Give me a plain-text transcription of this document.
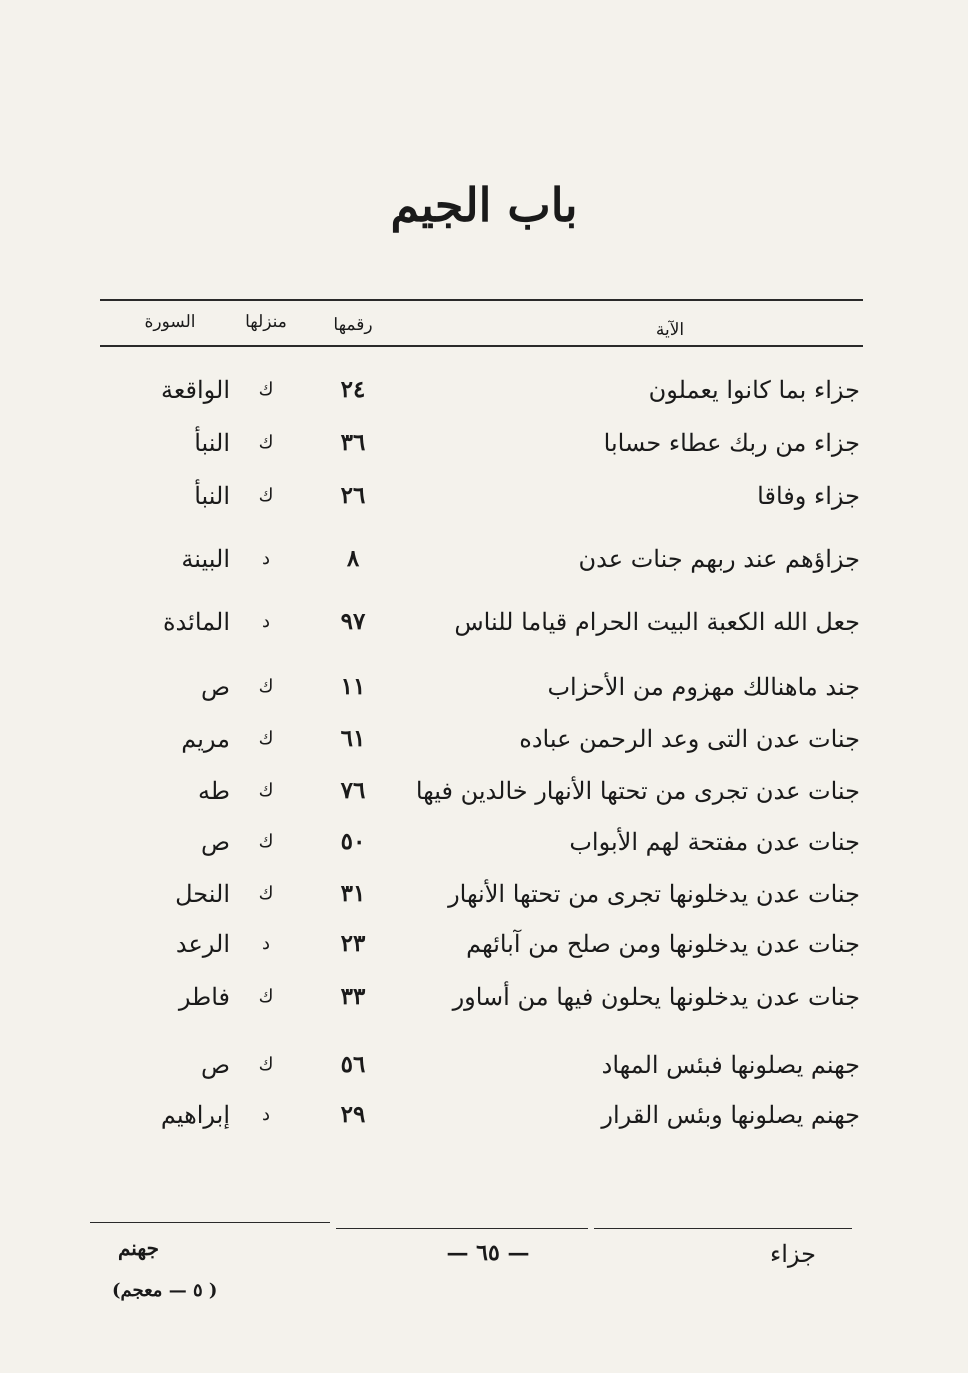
باب الجيم
الآية
رقمها
منزلها
السورة
جزاء بما كانوا يعملون
٢٤
ك
الواقعة
جزاء من ربك عطاء حسابا
٣٦
ك
النبأ
جزاء وفاقا
٢٦
ك
النبأ
جزاؤهم عند ربهم جنات عدن
٨
د
البينة
جعل الله الكعبة البيت الحرام قياما للناس
٩٧
د
المائدة
جند ماهنالك مهزوم من الأحزاب
١١
ك
ص
جنات عدن التى وعد الرحمن عباده
٦١
ك
مريم
جنات عدن تجرى من تحتها الأنهار خالدين فيها
٧٦
ك
طه
جنات عدن مفتحة لهم الأبواب
٥٠
ك
ص
جنات عدن يدخلونها تجرى من تحتها الأنهار
٣١
ك
النحل
جنات عدن يدخلونها ومن صلح من آبائهم
٢٣
د
الرعد
جنات عدن يدخلونها يحلون فيها من أساور
٣٣
ك
فاطر
جهنم يصلونها فبئس المهاد
٥٦
ك
ص
جهنم يصلونها وبئس القرار
٢٩
د
إبراهيم
جزاء
— ٦٥ —
جهنم
( ٥ — معجم)
